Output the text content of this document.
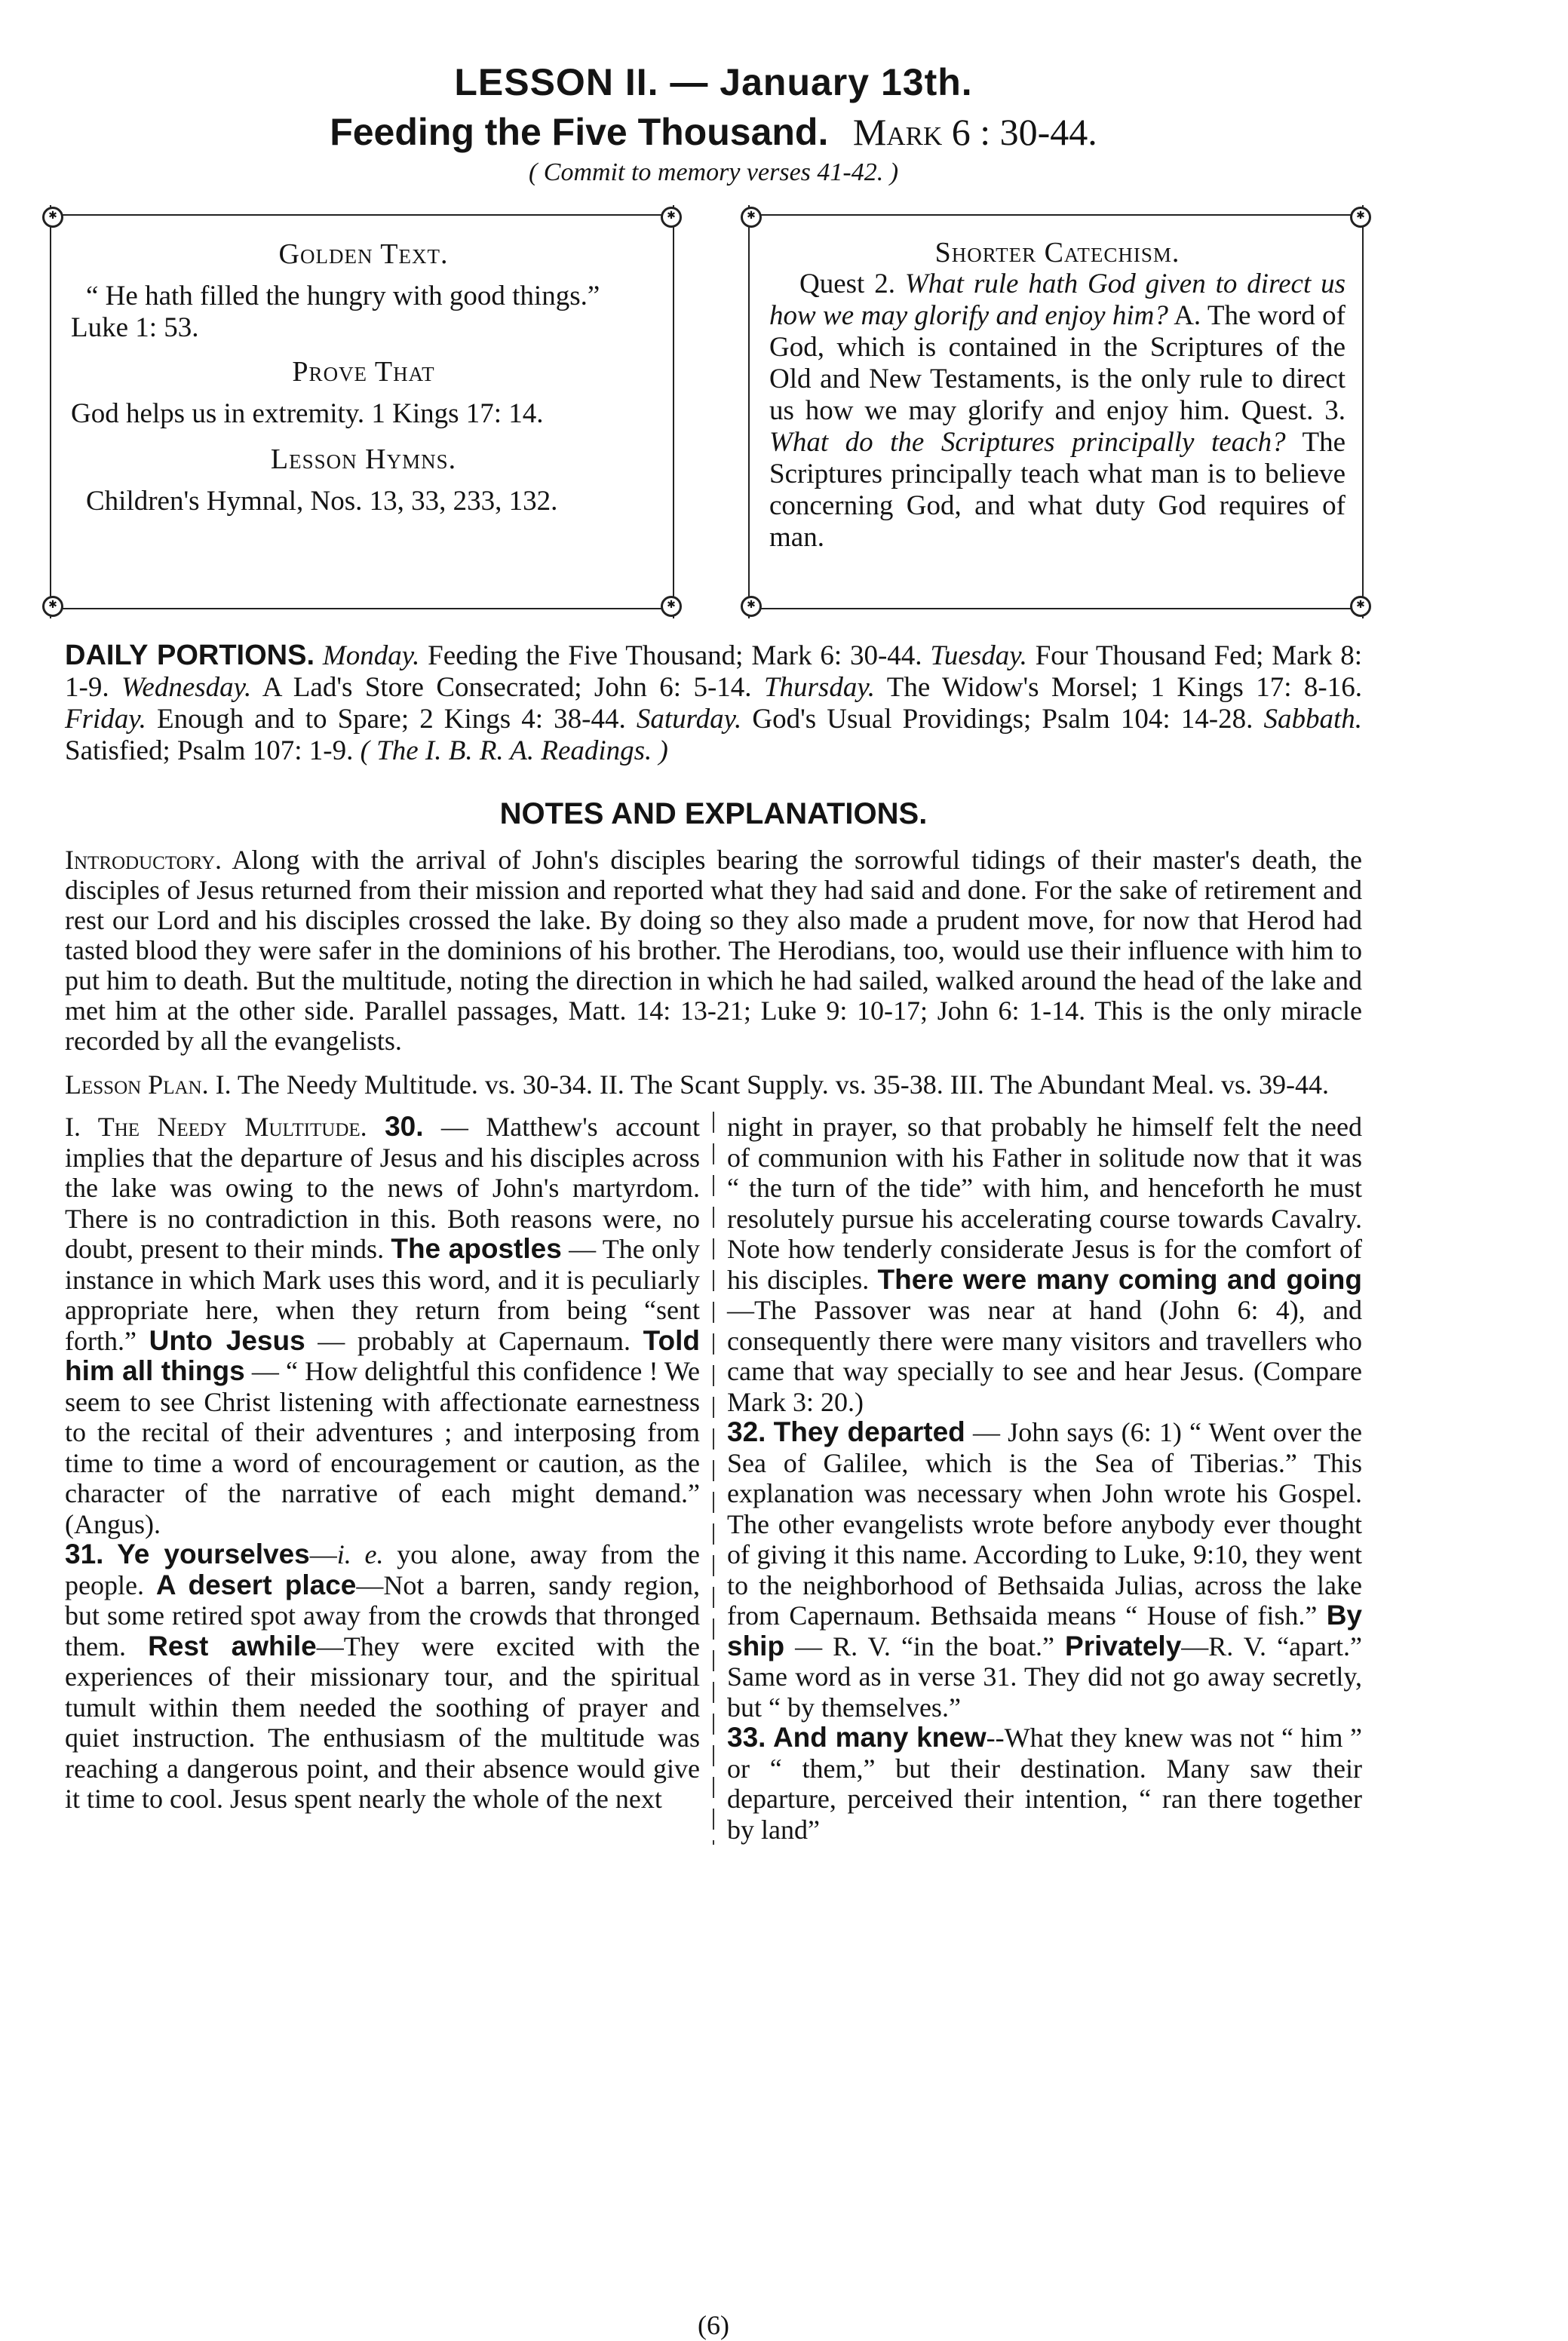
LESSON II. — January 13th.
Feeding the Five Thousand. Mark 6 : 30-44.
( Commit to memory verses 41-42. )
✱	✱
✱	✱
Golden Text.

“ He hath filled the hungry with good things.” Luke 1: 53.

Prove That

God helps us in extremity. 1 Kings 17: 14.

Lesson Hymns.

Children's Hymnal, Nos. 13, 33, 233, 132.

✱	✱
✱	✱
Shorter Catechism.

Quest 2. What rule hath God given to direct us how we may glorify and enjoy him? A. The word of God, which is contained in the Scriptures of the Old and New Testaments, is the only rule to direct us how we may glorify and enjoy him. Quest. 3. What do the Scriptures principally teach? The Scriptures principally teach what man is to believe concerning God, and what duty God requires of man.

DAILY PORTIONS. Monday. Feeding the Five Thousand; Mark 6: 30-44. Tuesday. Four Thousand Fed; Mark 8: 1-9. Wednesday. A Lad's Store Consecrated; John 6: 5-14. Thursday. The Widow's Morsel; 1 Kings 17: 8-16. Friday. Enough and to Spare; 2 Kings 4: 38-44. Saturday. God's Usual Providings; Psalm 104: 14-28. Sabbath. Satisfied; Psalm 107: 1-9. ( The I. B. R. A. Readings. )
NOTES AND EXPLANATIONS.

Introductory. Along with the arrival of John's disciples bearing the sorrowful tidings of their master's death, the disciples of Jesus returned from their mission and reported what they had said and done. For the sake of retirement and rest our Lord and his disciples crossed the lake. By doing so they also made a prudent move, for now that Herod had tasted blood they were safer in the dominions of his brother. The Herodians, too, would use their influence with him to put him to death. But the multitude, noting the direction in which he had sailed, walked around the head of the lake and met him at the other side. Parallel passages, Matt. 14: 13-21; Luke 9: 10-17; John 6: 1-14. This is the only miracle recorded by all the evangelists.

Lesson Plan. I. The Needy Multitude. vs. 30-34. II. The Scant Supply. vs. 35-38. III. The Abundant Meal. vs. 39-44.

I. The Needy Multitude. 30. — Matthew's account implies that the departure of Jesus and his disciples across the lake was owing to the news of John's martyrdom. There is no contradiction in this. Both reasons were, no doubt, present to their minds. The apostles — The only instance in which Mark uses this word, and it is peculiarly appropriate here, when they return from being “sent forth.” Unto Jesus — probably at Capernaum. Told him all things — “ How delightful this confidence ! We seem to see Christ listening with affectionate earnestness to the recital of their adventures ; and interposing from time to time a word of encouragement or caution, as the character of the narrative of each might demand.” (Angus).

31. Ye yourselves—i. e. you alone, away from the people. A desert place—Not a barren, sandy region, but some retired spot away from the crowds that thronged them. Rest awhile—They were excited with the experiences of their missionary tour, and the spiritual tumult within them needed the soothing of prayer and quiet instruction. The enthusiasm of the multitude was reaching a dangerous point, and their absence would give it time to cool. Jesus spent nearly the whole of the next

night in prayer, so that probably he himself felt the need of communion with his Father in solitude now that it was “ the turn of the tide” with him, and henceforth he must resolutely pursue his accelerating course towards Cavalry. Note how tenderly considerate Jesus is for the comfort of his disciples. There were many coming and going—The Passover was near at hand (John 6: 4), and consequently there were many visitors and travellers who came that way specially to see and hear Jesus. (Compare Mark 3: 20.)

32. They departed — John says (6: 1) “ Went over the Sea of Galilee, which is the Sea of Tiberias.” This explanation was necessary when John wrote his Gospel. The other evangelists wrote before anybody ever thought of giving it this name. According to Luke, 9:10, they went to the neighborhood of Bethsaida Julias, across the lake from Capernaum. Bethsaida means “ House of fish.” By ship — R. V. “in the boat.” Privately—R. V. “apart.” Same word as in verse 31. They did not go away secretly, but “ by themselves.”

33. And many knew--What they knew was not “ him ” or “ them,” but their destination. Many saw their departure, perceived their intention, “ ran there together by land”

(6)
